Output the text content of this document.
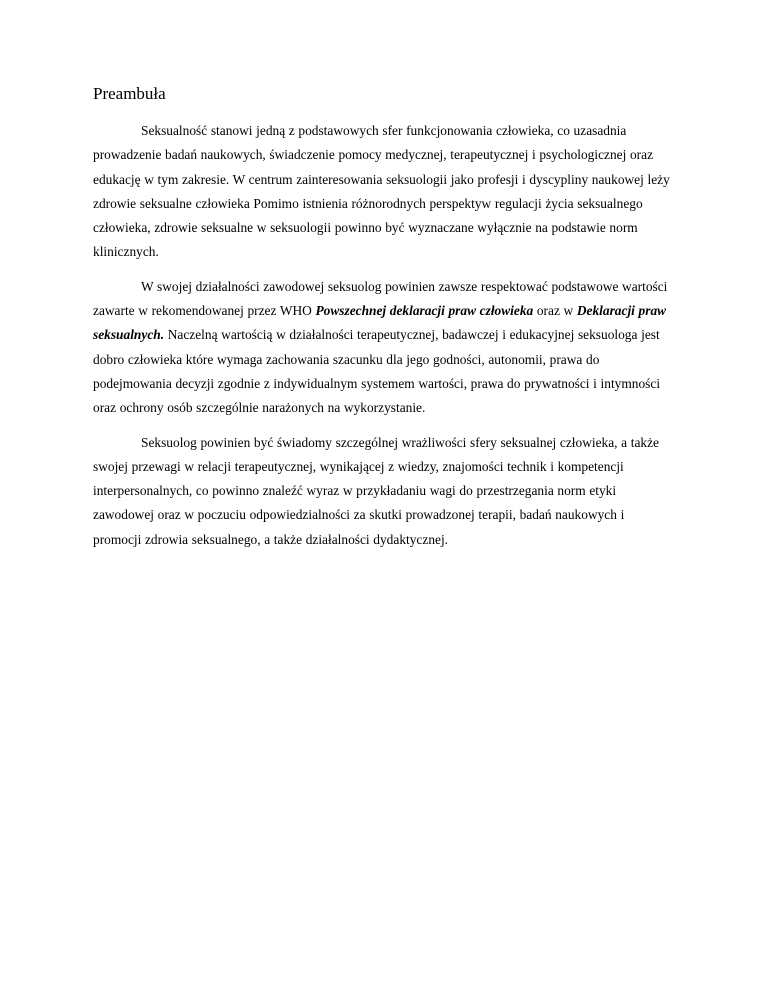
Preambuła

Seksualność stanowi jedną z podstawowych sfer funkcjonowania człowieka, co uzasadnia prowadzenie badań naukowych, świadczenie pomocy medycznej, terapeutycznej i psychologicznej oraz edukację w tym zakresie. W centrum zainteresowania seksuologii jako profesji i dyscypliny naukowej leży zdrowie seksualne człowieka Pomimo istnienia różnorodnych perspektyw regulacji życia seksualnego człowieka, zdrowie seksualne w seksuologii powinno być wyznaczane wyłącznie na podstawie norm klinicznych.

W swojej działalności zawodowej seksuolog powinien zawsze respektować podstawowe wartości zawarte w rekomendowanej przez WHO Powszechnej deklaracji praw człowieka oraz w Deklaracji praw seksualnych. Naczelną wartością w działalności terapeutycznej, badawczej i edukacyjnej seksuologa jest dobro człowieka które wymaga zachowania szacunku dla jego godności, autonomii, prawa do podejmowania decyzji zgodnie z indywidualnym systemem wartości, prawa do prywatności i intymności oraz ochrony osób szczególnie narażonych na wykorzystanie.

Seksuolog powinien być świadomy szczególnej wrażliwości sfery seksualnej człowieka, a także swojej przewagi w relacji terapeutycznej, wynikającej z wiedzy, znajomości technik i kompetencji interpersonalnych, co powinno znaleźć wyraz w przykładaniu wagi do przestrzegania norm etyki zawodowej oraz w poczuciu odpowiedzialności za skutki prowadzonej terapii, badań naukowych i promocji zdrowia seksualnego, a także działalności dydaktycznej.
